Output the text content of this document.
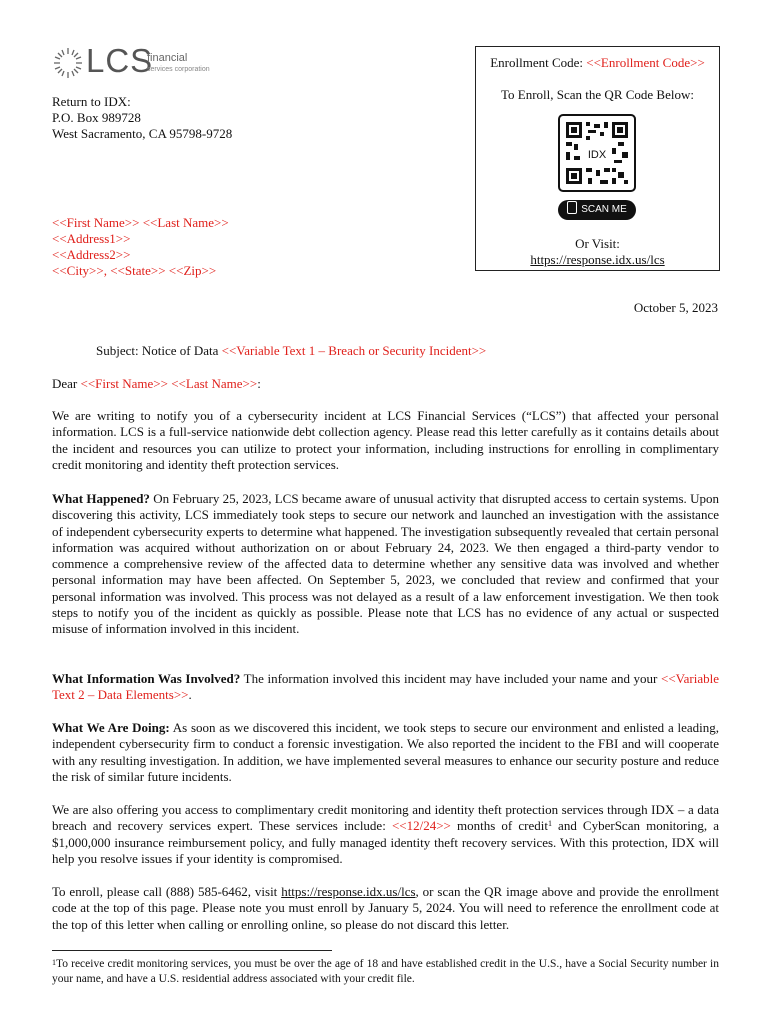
LCS
financial
services corporation
Return to IDX:
P.O. Box 989728
West Sacramento, CA 95798-9728
<<First Name>> <<Last Name>>
<<Address1>>
<<Address2>>
<<City>>, <<State>> <<Zip>>
Enrollment Code: <<Enrollment Code>>
To Enroll, Scan the QR Code Below:
IDX
SCAN ME
Or Visit:
https://response.idx.us/lcs
October 5, 2023
Subject: Notice of Data <<Variable Text 1 – Breach or Security Incident>>
Dear <<First Name>> <<Last Name>>:

We are writing to notify you of a cybersecurity incident at LCS Financial Services (“LCS”) that affected your personal information. LCS is a full-service nationwide debt collection agency. Please read this letter carefully as it contains details about the incident and resources you can utilize to protect your information, including instructions for enrolling in complimentary credit monitoring and identity theft protection services.

What Happened? On February 25, 2023, LCS became aware of unusual activity that disrupted access to certain systems. Upon discovering this activity, LCS immediately took steps to secure our network and launched an investigation with the assistance of independent cybersecurity experts to determine what happened. The investigation subsequently revealed that certain personal information was acquired without authorization on or about February 24, 2023. We then engaged a third-party vendor to commence a comprehensive review of the affected data to determine whether any sensitive data was involved and whether personal information may have been affected. On September 5, 2023, we concluded that review and confirmed that your personal information was involved. This process was not delayed as a result of a law enforcement investigation. We then took steps to notify you of the incident as quickly as possible. Please note that LCS has no evidence of any actual or suspected misuse of information involved in this incident.

What Information Was Involved? The information involved this incident may have included your name and your <<Variable Text 2 – Data Elements>>.

What We Are Doing: As soon as we discovered this incident, we took steps to secure our environment and enlisted a leading, independent cybersecurity firm to conduct a forensic investigation. We also reported the incident to the FBI and will cooperate with any resulting investigation. In addition, we have implemented several measures to enhance our security posture and reduce the risk of similar future incidents.

We are also offering you access to complimentary credit monitoring and identity theft protection services through IDX – a data breach and recovery services expert. These services include: <<12/24>> months of credit$^1$ and CyberScan monitoring, a $1,000,000 insurance reimbursement policy, and fully managed identity theft recovery services. With this protection, IDX will help you resolve issues if your identity is compromised.

To enroll, please call (888) 585-6462, visit https://response.idx.us/lcs, or scan the QR image above and provide the enrollment code at the top of this page. Please note you must enroll by January 5, 2024. You will need to reference the enrollment code at the top of this letter when calling or enrolling online, so please do not discard this letter.

$^1$To receive credit monitoring services, you must be over the age of 18 and have established credit in the U.S., have a Social Security number in your name, and have a U.S. residential address associated with your credit file.
